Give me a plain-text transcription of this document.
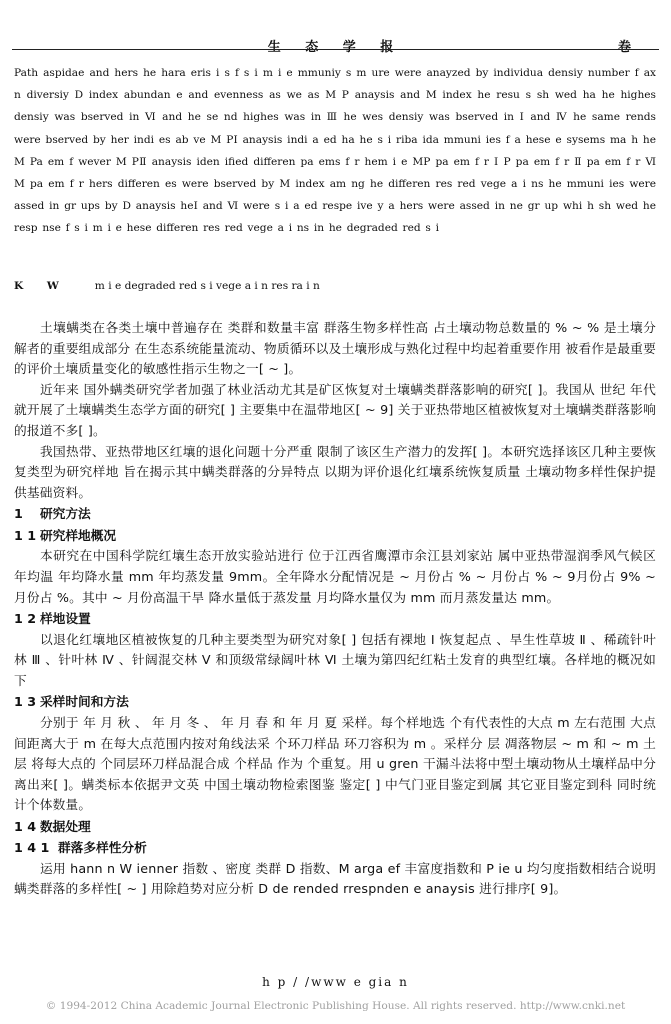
生 态 学 报	卷
Path aspidae and hers he hara eris i s f s i m i e mmuniy s m ure were anayzed by individua densiy number f ax n diversiy D index abundan e and evenness as we as M P anaysis and M index he resu s sh wed ha he highes densiy was bserved in Ⅵ and he se nd highes was in Ⅲ he wes densiy was bserved in Ⅰ and Ⅳ he same rends were bserved by her indi es ab ve M PⅠ anaysis indi a ed ha he s i riba ida mmuni ies f a hese e sysems ma h he M Pa em f wever M PⅡ anaysis iden ified differen pa ems f r hem i e MP pa em f r Ⅰ P pa em f r Ⅱ pa em f r Ⅵ M pa em f r hers differen es were bserved by M index am ng he differen res red vege a i ns he mmuni ies were assed in gr ups by D anaysis heⅠ and Ⅵ were s i a ed respe ive y a hers were assed in ne gr up whi h sh wed he resp nse f s i m i e hese differen res red vege a i ns in he degraded red s i
K W m i e degraded red s i vege a i n res ra i n

土壤螨类在各类土壤中普遍存在 类群和数量丰富 群落生物多样性高 占土壤动物总数量的 % ~ % 是土壤分解者的重要组成部分 在生态系统能量流动、物质循环以及土壤形成与熟化过程中均起着重要作用 被看作是最重要的评价土壤质量变化的敏感性指示生物之一[ ~ ]。

近年来 国外螨类研究学者加强了林业活动尤其是矿区恢复对土壤螨类群落影响的研究[ ]。我国从 世纪 年代就开展了土壤螨类生态学方面的研究[ ] 主要集中在温带地区[ ~ 9] 关于亚热带地区植被恢复对土壤螨类群落影响的报道不多[ ]。

我国热带、亚热带地区红壤的退化问题十分严重 限制了该区生产潜力的发挥[ ]。本研究选择该区几种主要恢复类型为研究样地 旨在揭示其中螨类群落的分异特点 以期为评价退化红壤系统恢复质量 土壤动物多样性保护提供基础资料。

1 研究方法

1 1 研究样地概况

本研究在中国科学院红壤生态开放实验站进行 位于江西省鹰潭市余江县刘家站 属中亚热带湿润季风气候区 年均温 年均降水量 mm 年均蒸发量 9mm。全年降水分配情况是 ~ 月份占 % ~ 月份占 % ~ 9月份占 9% ~ 月份占 %。其中 ~ 月份高温干旱 降水量低于蒸发量 月均降水量仅为 mm 而月蒸发量达 mm。

1 2 样地设置

以退化红壤地区植被恢复的几种主要类型为研究对象[ ] 包括有裸地 Ⅰ 恢复起点 、旱生性草坡 Ⅱ 、稀疏针叶林 Ⅲ 、针叶林 Ⅳ 、针阔混交林 Ⅴ 和顶级常绿阔叶林 Ⅵ 土壤为第四纪红粘土发育的典型红壤。各样地的概况如下

1 3 采样时间和方法

分别于 年 月 秋 、 年 月 冬 、 年 月 春 和 年 月 夏 采样。每个样地选 个有代表性的大点 m 左右范围 大点间距离大于 m 在每大点范围内按对角线法采 个环刀样品 环刀容积为 m 。采样分 层 凋落物层 ~ m 和 ~ m 土层 将每大点的 个同层环刀样品混合成 个样品 作为 个重复。用 u gren 干漏斗法将中型土壤动物从土壤样品中分离出来[ ]。螨类标本依据尹文英 中国土壤动物检索图鉴 鉴定[ ] 中气门亚目鉴定到属 其它亚目鉴定到科 同时统计个体数量。

1 4 数据处理

1 4 1 群落多样性分析

运用 hann n W ienner 指数 、密度 类群 D 指数、M arga ef 丰富度指数和 P ie u 均匀度指数相结合说明螨类群落的多样性[ ~ ] 用除趋势对应分析 D de rended rrespnden e anaysis 进行排序[ 9]。

h p / /www e gia n
© 1994-2012 China Academic Journal Electronic Publishing House. All rights reserved. http://www.cnki.net
